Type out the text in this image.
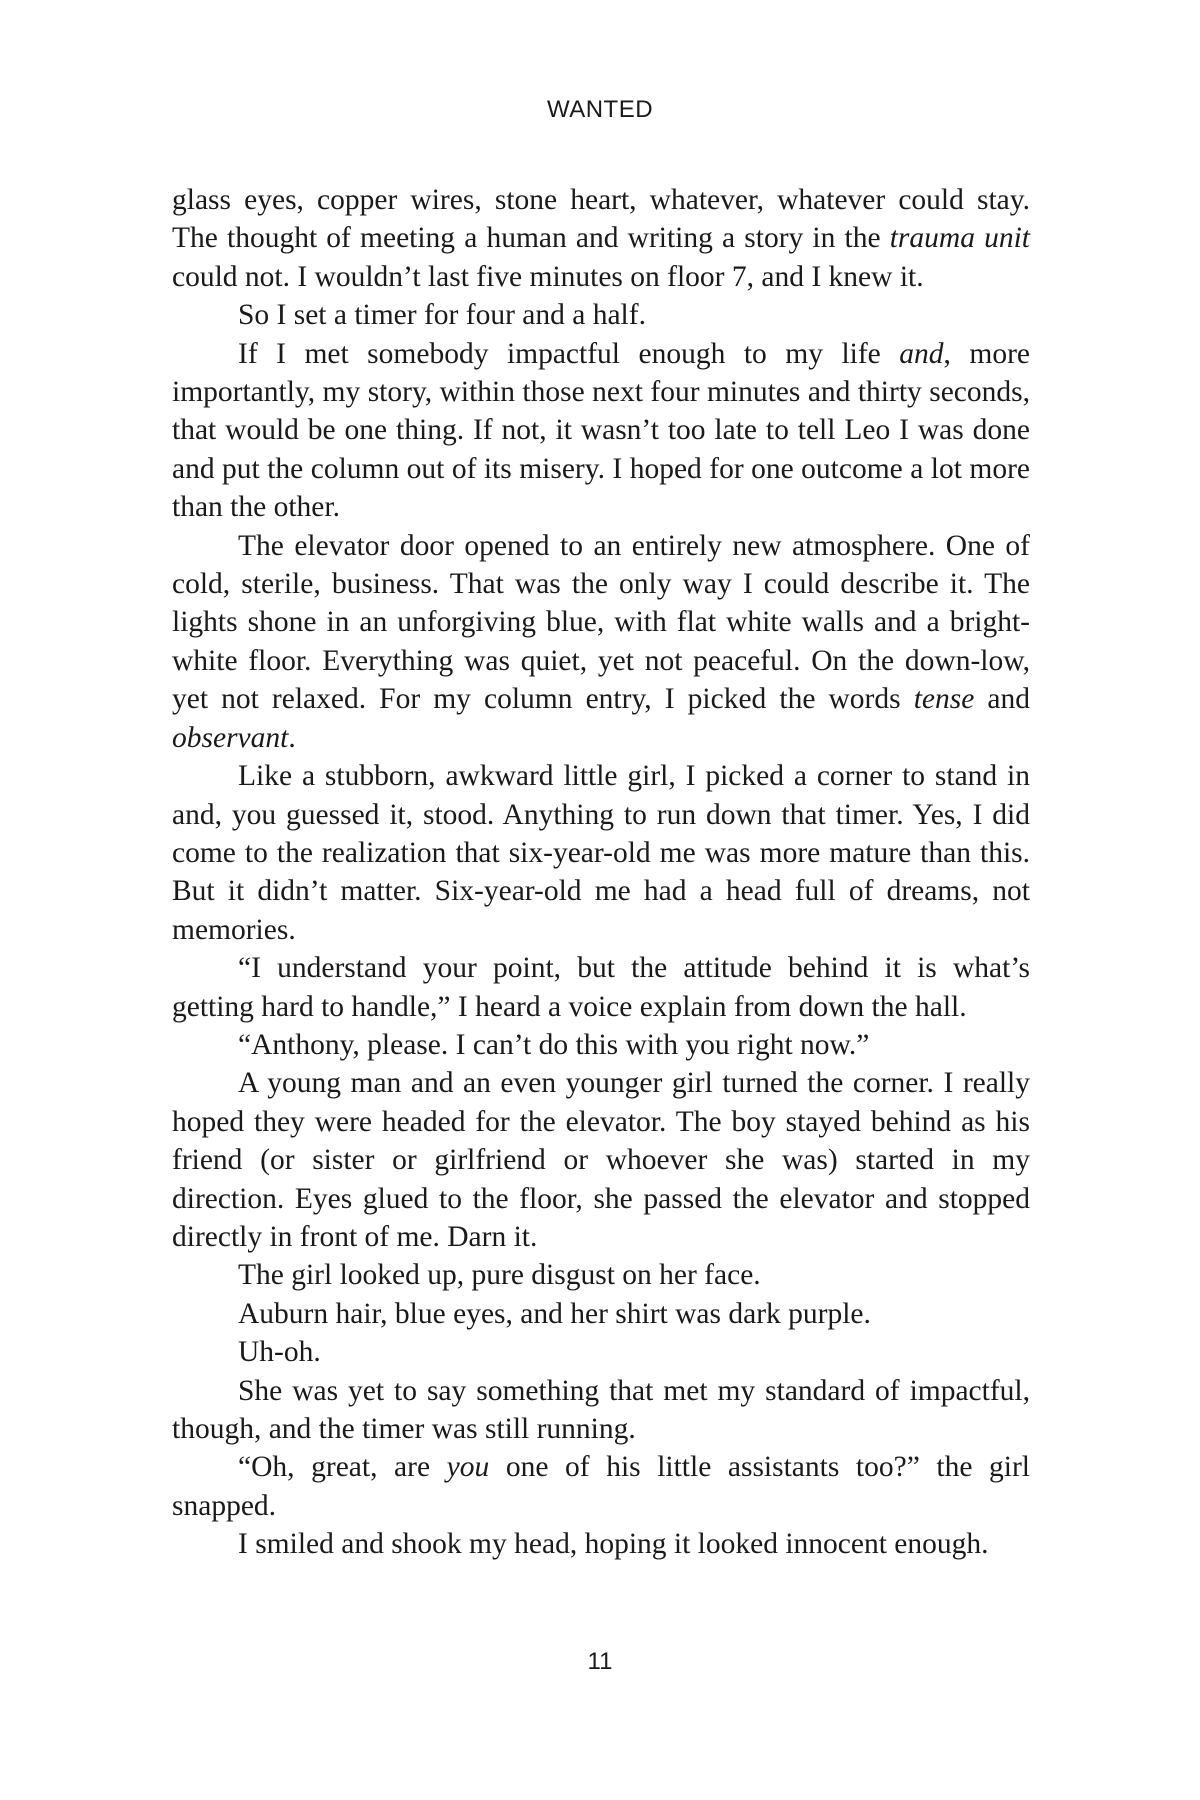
WANTED

glass eyes, copper wires, stone heart, whatever, whatever could stay. The thought of meeting a human and writing a story in the trauma unit could not. I wouldn’t last five minutes on floor 7, and I knew it.

So I set a timer for four and a half.

If I met somebody impactful enough to my life and, more importantly, my story, within those next four minutes and thirty seconds, that would be one thing. If not, it wasn’t too late to tell Leo I was done and put the column out of its misery. I hoped for one outcome a lot more than the other.

The elevator door opened to an entirely new atmosphere. One of cold, sterile, business. That was the only way I could describe it. The lights shone in an unforgiving blue, with flat white walls and a bright-white floor. Everything was quiet, yet not peaceful. On the down-low, yet not relaxed. For my column entry, I picked the words tense and observant.

Like a stubborn, awkward little girl, I picked a corner to stand in and, you guessed it, stood. Anything to run down that timer. Yes, I did come to the realization that six-year-old me was more mature than this. But it didn’t matter. Six-year-old me had a head full of dreams, not memories.

“I understand your point, but the attitude behind it is what’s getting hard to handle,” I heard a voice explain from down the hall.

“Anthony, please. I can’t do this with you right now.”

A young man and an even younger girl turned the corner. I really hoped they were headed for the elevator. The boy stayed behind as his friend (or sister or girlfriend or whoever she was) started in my direction. Eyes glued to the floor, she passed the elevator and stopped directly in front of me. Darn it.

The girl looked up, pure disgust on her face.

Auburn hair, blue eyes, and her shirt was dark purple.

Uh-oh.

She was yet to say something that met my standard of impactful, though, and the timer was still running.

“Oh, great, are you one of his little assistants too?” the girl snapped.

I smiled and shook my head, hoping it looked innocent enough.

11
